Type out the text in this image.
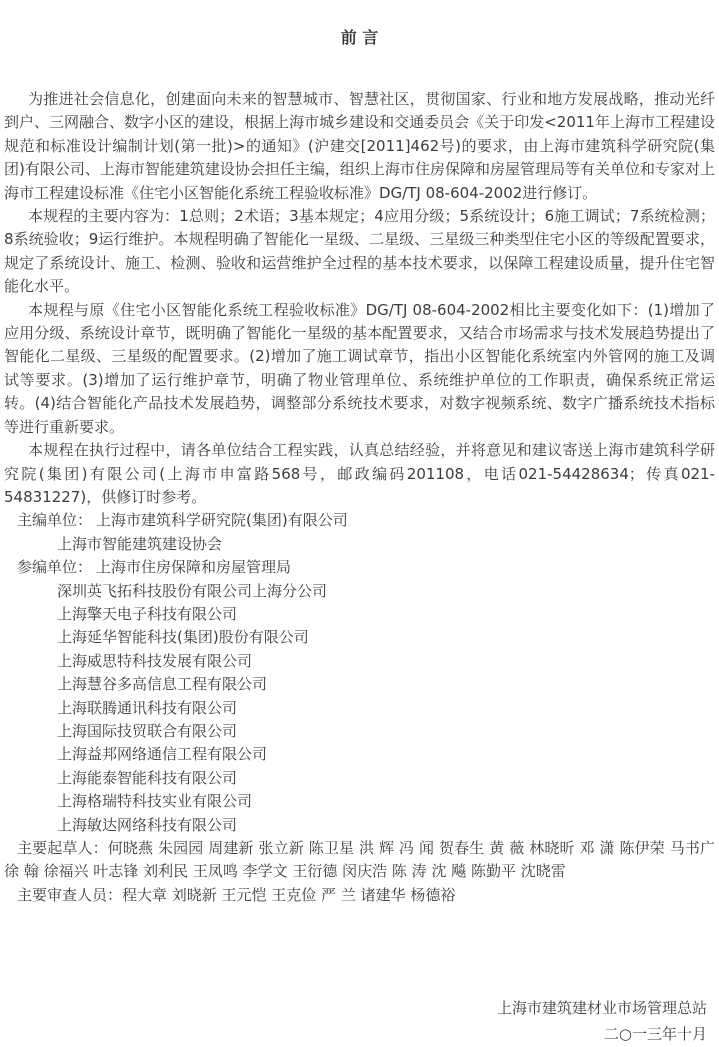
前 言

为推进社会信息化，创建面向未来的智慧城市、智慧社区，贯彻国家、行业和地方发展战略，推动光纤到户、三网融合、数字小区的建设，根据上海市城乡建设和交通委员会《关于印发<2011年上海市工程建设规范和标准设计编制计划(第一批)>的通知》(沪建交[2011]462号)的要求，由上海市建筑科学研究院(集团)有限公司、上海市智能建筑建设协会担任主编，组织上海市住房保障和房屋管理局等有关单位和专家对上海市工程建设标准《住宅小区智能化系统工程验收标准》DG/TJ 08-604-2002进行修订。

本规程的主要内容为：1总则；2术语；3基本规定；4应用分级；5系统设计；6施工调试；7系统检测；8系统验收；9运行维护。本规程明确了智能化一星级、二星级、三星级三种类型住宅小区的等级配置要求，规定了系统设计、施工、检测、验收和运营维护全过程的基本技术要求，以保障工程建设质量，提升住宅智能化水平。

本规程与原《住宅小区智能化系统工程验收标准》DG/TJ 08-604-2002相比主要变化如下：(1)增加了应用分级、系统设计章节，既明确了智能化一星级的基本配置要求，又结合市场需求与技术发展趋势提出了智能化二星级、三星级的配置要求。(2)增加了施工调试章节，指出小区智能化系统室内外管网的施工及调试等要求。(3)增加了运行维护章节，明确了物业管理单位、系统维护单位的工作职责，确保系统正常运转。(4)结合智能化产品技术发展趋势，调整部分系统技术要求，对数字视频系统、数字广播系统技术指标等进行重新要求。

本规程在执行过程中，请各单位结合工程实践，认真总结经验，并将意见和建议寄送上海市建筑科学研究院(集团)有限公司(上海市申富路568号，邮政编码201108，电话021-54428634；传真021-54831227)，供修订时参考。

主编单位： 上海市建筑科学研究院(集团)有限公司
上海市智能建筑建设协会
参编单位： 上海市住房保障和房屋管理局
深圳英飞拓科技股份有限公司上海分公司
上海擎天电子科技有限公司
上海延华智能科技(集团)股份有限公司
上海威思特科技发展有限公司
上海慧谷多高信息工程有限公司
上海联腾通讯科技有限公司
上海国际技贸联合有限公司
上海益邦网络通信工程有限公司
上海能泰智能科技有限公司
上海格瑞特科技实业有限公司
上海敏达网络科技有限公司

主要起草人：何晓燕 朱园园 周建新 张立新 陈卫星 洪 辉 冯 闻 贺春生 黄 薇 林晓昕 邓 潇 陈伊荣 马书广 徐 翰 徐福兴 叶志锋 刘利民 王凤鸣 李学文 王衍德 闵庆浩 陈 涛 沈 飚 陈勤平 沈晓雷

主要审查人员：程大章 刘晓新 王元恺 王克俭 严 兰 诸建华 杨德裕

上海市建筑建材业市场管理总站
二○一三年十月
